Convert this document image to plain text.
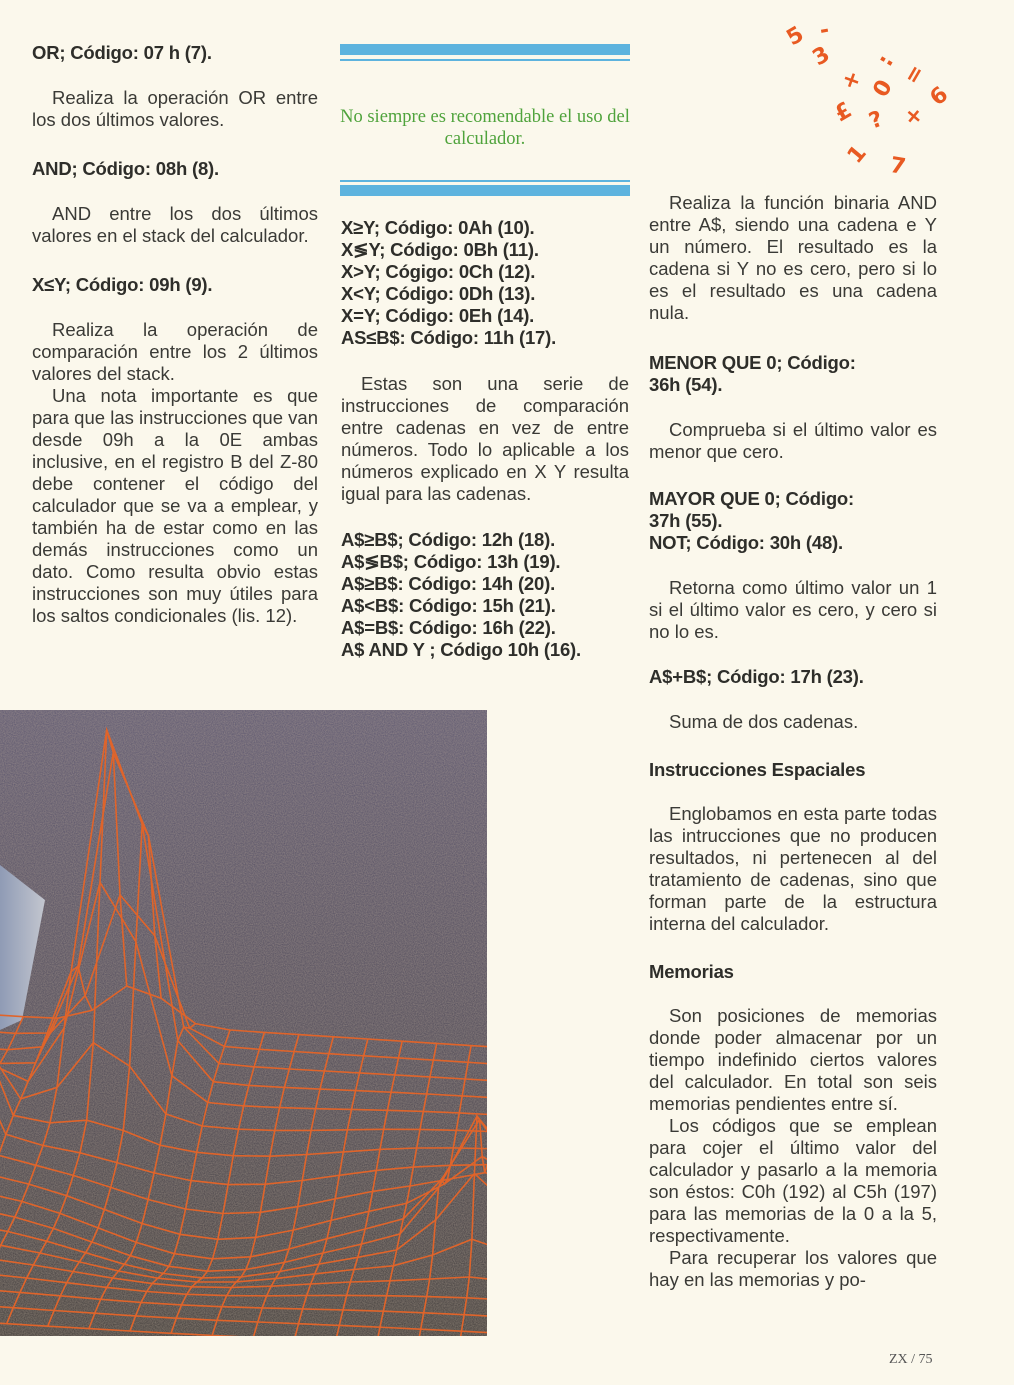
OR; Código: 07 h (7).

Realiza la operación OR entre los dos últimos valores.

AND; Código: 08h (8).

AND entre los dos últimos valores en el stack del calculador.

X≤Y; Código: 09h (9).

Realiza la operación de comparación entre los 2 últimos valores del stack.

Una nota importante es que para que las instrucciones que van desde 09h a la 0E ambas inclusive, en el registro B del Z-80 debe contener el código del calculador que se va a emplear, y también ha de estar como en las demás instrucciones como un dato. Como resulta obvio estas instrucciones son muy útiles para los saltos condicionales (lis. 12).

No siempre es recomendable el uso del calculador.
X≥Y; Código: 0Ah (10).
X≶Y; Código: 0Bh (11).
X>Y; Cógigo: 0Ch (12).
X<Y; Código: 0Dh (13).
X=Y; Código: 0Eh (14).
AS≤B$: Código: 11h (17).

Estas son una serie de instrucciones de comparación entre cadenas en vez de entre números. Todo lo aplicable a los números explicado en X Y resulta igual para las cadenas.

A$≥B$; Código: 12h (18).
A$≶B$; Código: 13h (19).
A$≥B$: Código: 14h (20).
A$<B$: Código: 15h (21).
A$=B$: Código: 16h (22).
A$ AND Y ; Código 10h (16).
5
3
-
+ 0
:
£
=
? +
6
1 7

Realiza la función binaria AND entre A$, siendo una cadena e Y un número. El resultado es la cadena si Y no es cero, pero si lo es el resultado es una cadena nula.

MENOR QUE 0; Código: 36h (54).

Comprueba si el último valor es menor que cero.

MAYOR QUE 0; Código: 37h (55).
NOT; Código: 30h (48).

Retorna como último valor un 1 si el último valor es cero, y cero si no lo es.

A$+B$; Código: 17h (23).

Suma de dos cadenas.

Instrucciones Espaciales

Englobamos en esta parte todas las intrucciones que no producen resultados, ni pertenecen al del tratamiento de cadenas, sino que forman parte de la estructura interna del calculador.

Memorias

Son posiciones de memorias donde poder almacenar por un tiempo indefinido ciertos valores del calculador. En total son seis memorias pendientes entre sí.

Los códigos que se emplean para cojer el último valor del calculador y pasarlo a la memoria son éstos: C0h (192) al C5h (197) para las memorias de la 0 a la 5, respectivamente.

Para recuperar los valores que hay en las memorias y po-

ZX / 75
